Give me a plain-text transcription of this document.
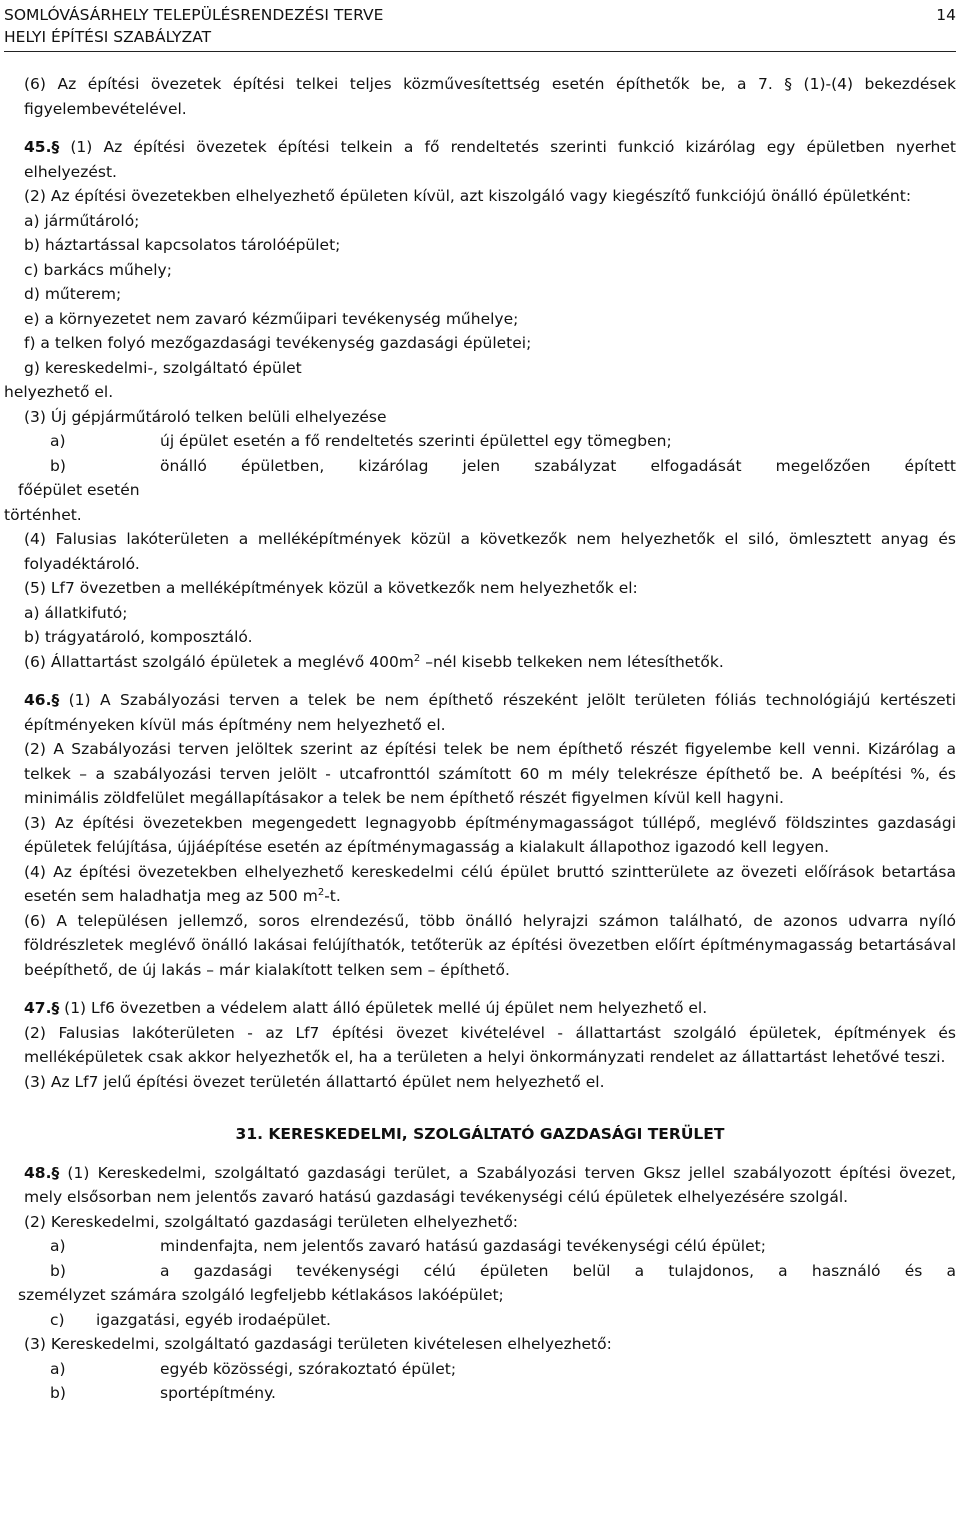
SOMLÓVÁSÁRHELY TELEPÜLÉSRENDEZÉSI TERVE
HELYI ÉPÍTÉSI SZABÁLYZAT
14

(6) Az építési övezetek építési telkei teljes közművesítettség esetén építhetők be, a 7. § (1)-(4) bekezdések figyelembevételével.

45.§ (1) Az építési övezetek építési telkein a fő rendeltetés szerinti funkció kizárólag egy épületben nyerhet elhelyezést.

(2) Az építési övezetekben elhelyezhető épületen kívül, azt kiszolgáló vagy kiegészítő funkciójú önálló épületként:

a) járműtároló;
b) háztartással kapcsolatos tárolóépület;
c) barkács műhely;
d) műterem;
e) a környezetet nem zavaró kézműipari tevékenység műhelye;
f) a telken folyó mezőgazdasági tevékenység gazdasági épületei;
g) kereskedelmi-, szolgáltató épület
helyezhető el.

(3) Új gépjárműtároló telken belüli elhelyezése

a)	új épület esetén a fő rendeltetés szerinti épülettel egy tömegben;
b)	önálló épületben, kizárólag jelen szabályzat elfogadását megelőzően épített
főépület esetén
történhet.

(4) Falusias lakóterületen a melléképítmények közül a következők nem helyezhetők el siló, ömlesztett anyag és folyadéktároló.

(5) Lf7 övezetben a melléképítmények közül a következők nem helyezhetők el:

a) állatkifutó;
b) trágyatároló, komposztáló.

(6) Állattartást szolgáló épületek a meglévő $400m^2$ –nél kisebb telkeken nem létesíthetők.

46.§ (1) A Szabályozási terven a telek be nem építhető részeként jelölt területen fóliás technológiájú kertészeti építményeken kívül más építmény nem helyezhető el.

(2) A Szabályozási terven jelöltek szerint az építési telek be nem építhető részét figyelembe kell venni. Kizárólag a telkek – a szabályozási terven jelölt - utcafronttól számított 60 m mély telekrésze építhető be. A beépítési %, és minimális zöldfelület megállapításakor a telek be nem építhető részét figyelmen kívül kell hagyni.

(3) Az építési övezetekben megengedett legnagyobb építménymagasságot túllépő, meglévő földszintes gazdasági épületek felújítása, újjáépítése esetén az építménymagasság a kialakult állapothoz igazodó kell legyen.

(4) Az építési övezetekben elhelyezhető kereskedelmi célú épület bruttó szintterülete az övezeti előírások betartása esetén sem haladhatja meg az 500 $m^2-t$.

(6) A településen jellemző, soros elrendezésű, több önálló helyrajzi számon található, de azonos udvarra nyíló földrészletek meglévő önálló lakásai felújíthatók, tetőterük az építési övezetben előírt építménymagasság betartásával beépíthető, de új lakás – már kialakított telken sem – építhető.

47.§ (1) Lf6 övezetben a védelem alatt álló épületek mellé új épület nem helyezhető el.

(2) Falusias lakóterületen - az Lf7 építési övezet kivételével - állattartást szolgáló épületek, építmények és melléképületek csak akkor helyezhetők el, ha a területen a helyi önkormányzati rendelet az állattartást lehetővé teszi.

(3) Az Lf7 jelű építési övezet területén állattartó épület nem helyezhető el.

31. KERESKEDELMI, SZOLGÁLTATÓ GAZDASÁGI TERÜLET

48.§ (1) Kereskedelmi, szolgáltató gazdasági terület, a Szabályozási terven Gksz jellel szabályozott építési övezet, mely elsősorban nem jelentős zavaró hatású gazdasági tevékenységi célú épületek elhelyezésére szolgál.

(2) Kereskedelmi, szolgáltató gazdasági területen elhelyezhető:

a)	mindenfajta, nem jelentős zavaró hatású gazdasági tevékenységi célú épület;
b)	a gazdasági tevékenységi célú épületen belül a tulajdonos, a használó és a
személyzet számára szolgáló legfeljebb kétlakásos lakóépület;
c)	igazgatási, egyéb irodaépület.

(3) Kereskedelmi, szolgáltató gazdasági területen kivételesen elhelyezhető:

a)	egyéb közösségi, szórakoztató épület;
b)	sportépítmény.
